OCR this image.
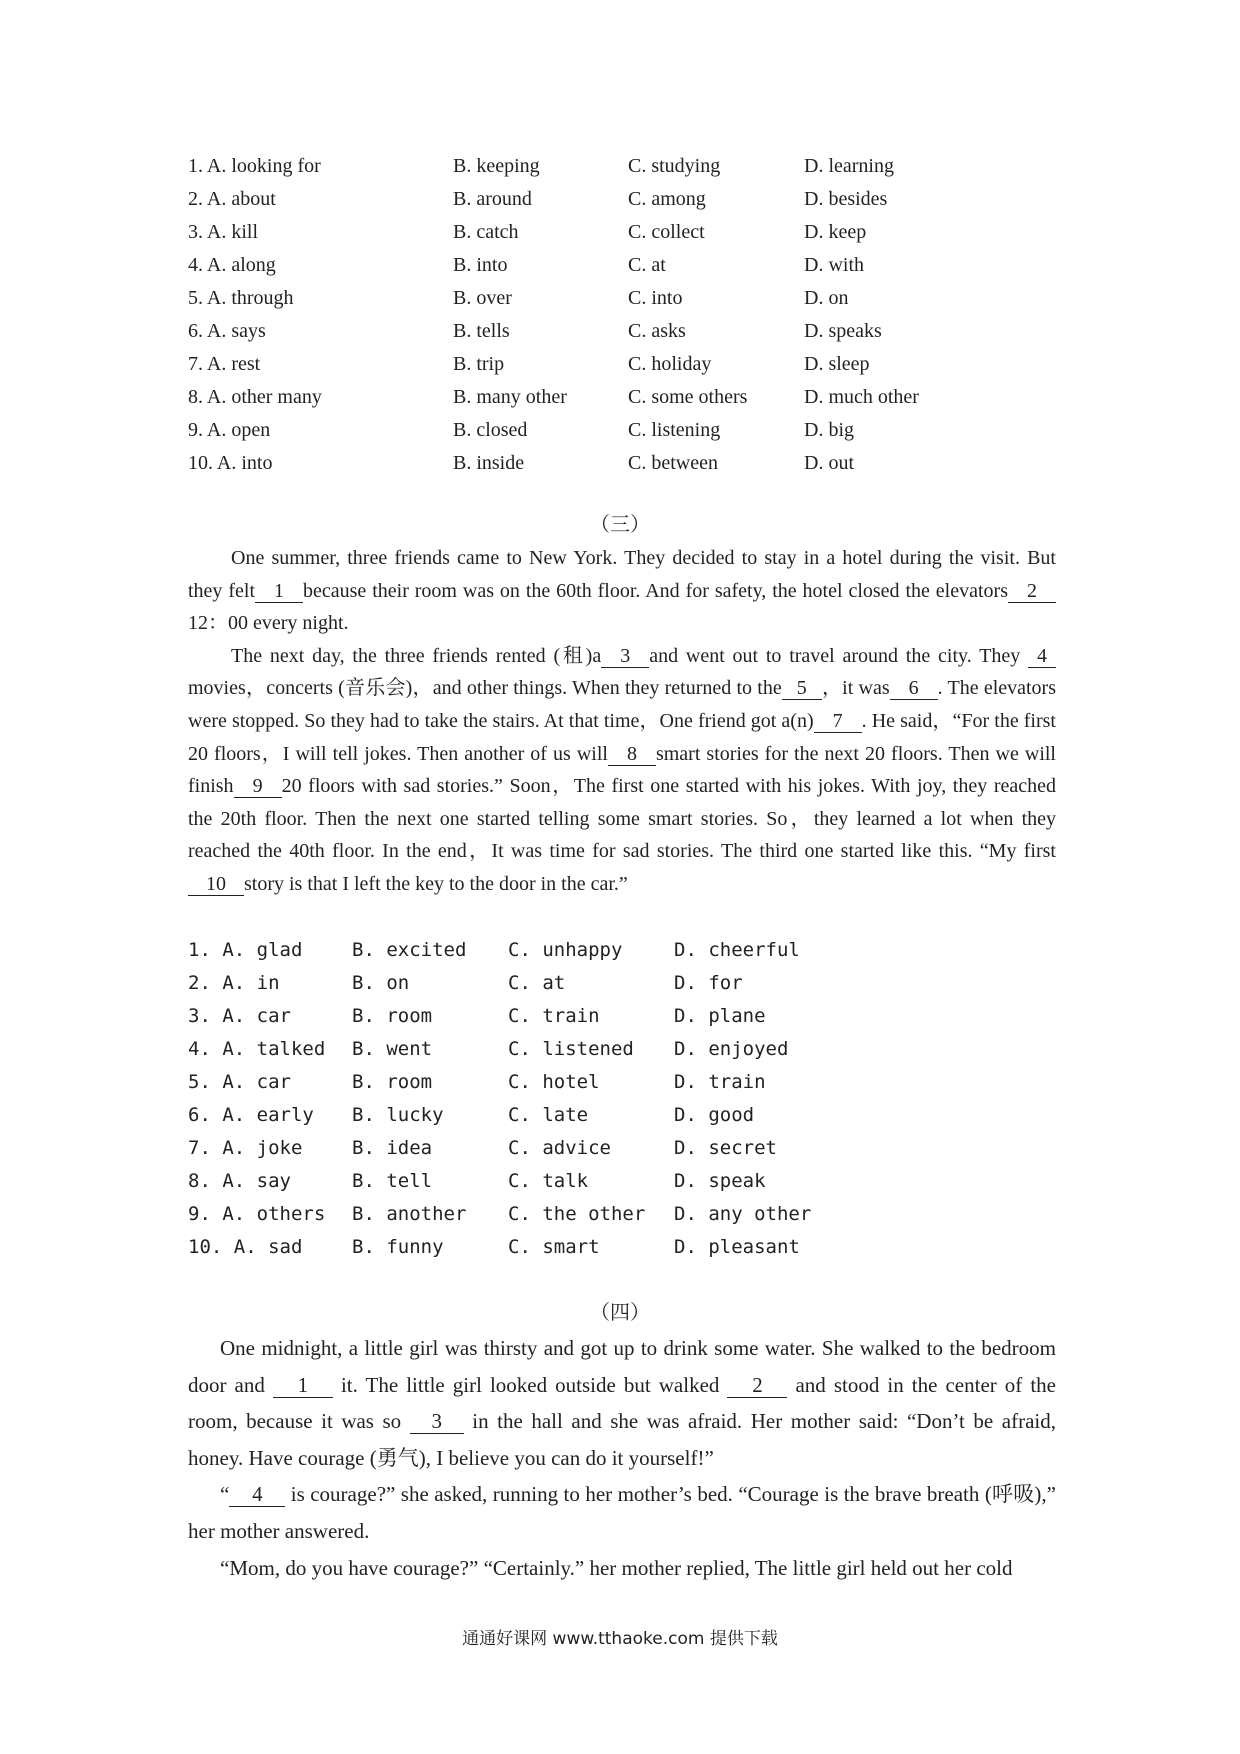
1. A. looking for	B. keeping	C. studying	D. learning
2. A. about	B. around	C. among	D. besides
3. A. kill	B. catch	C. collect	D. keep
4. A. along	B. into	C. at	D. with
5. A. through	B. over	C. into	D. on
6. A. says	B. tells	C. asks	D. speaks
7. A. rest	B. trip	C. holiday	D. sleep
8. A. other many	B. many other	C. some others	D. much other
9. A. open	B. closed	C. listening	D. big
10. A. into	B. inside	C. between	D. out
（三）

One summer, three friends came to New York. They decided to stay in a hotel during the visit. But they felt 1 because their room was on the 60th floor. And for safety, the hotel closed the elevators 2 12：00 every night.

The next day, the three friends rented (租)a 3 and went out to travel around the city. They 4movies，concerts (音乐会)，and other things. When they returned to the 5 ，it was 6 . The elevators were stopped. So they had to take the stairs. At that time，One friend got a(n) 7 . He said，“For the first 20 floors，I will tell jokes. Then another of us will 8 smart stories for the next 20 floors. Then we will finish 9 20 floors with sad stories.” Soon，The first one started with his jokes. With joy, they reached the 20th floor. Then the next one started telling some smart stories. So，they learned a lot when they reached the 40th floor. In the end，It was time for sad stories. The third one started like this. “My first10 story is that I left the key to the door in the car.”

1. A. glad	B. excited C. unhappy	D. cheerful
2. A. in	B. on	C. at	D. for
3. A. car	B. room	C. train	D. plane
4. A. talked B. went	C. listened D. enjoyed
5. A. car	B. room	C. hotel	D. train
6. A. early B. lucky	C. late	D. good
7. A. joke	B. idea	C. advice	D. secret
8. A. say	B. tell	C. talk	D. speak
9. A. others B. another C. the other D. any other
10. A. sad	B. funny	C. smart	D. pleasant
（四）

One midnight, a little girl was thirsty and got up to drink some water. She walked to the bedroom door and 1 it. The little girl looked outside but walked 2 and stood in the center of the room, because it was so 3 in the hall and she was afraid. Her mother said: “Don’t be afraid, honey. Have courage (勇气), I believe you can do it yourself!”

“ 4 is courage?” she asked, running to her mother’s bed. “Courage is the brave breath (呼吸),” her mother answered.

“Mom, do you have courage?” “Certainly.” her mother replied, The little girl held out her cold

通通好课网 www.tthaoke.com 提供下载
